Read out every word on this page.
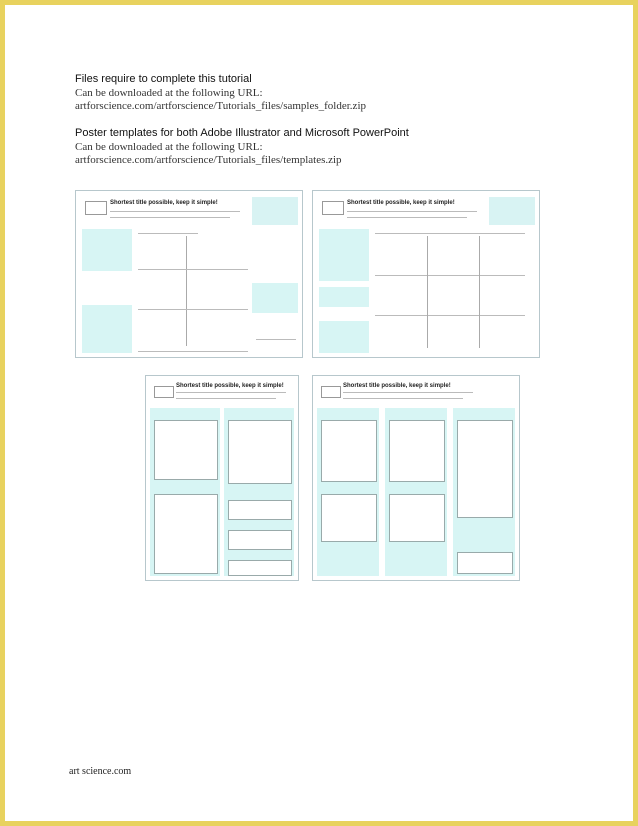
Files require to complete this tutorial
Can be downloaded at the following URL:
artforscience.com/artforscience/Tutorials_files/samples_folder.zip
Poster templates for both Adobe Illustrator and Microsoft PowerPoint
Can be downloaded at the following URL:
artforscience.com/artforscience/Tutorials_files/templates.zip
Shortest title possible, keep it simple!	Shortest title possible, keep it simple!
Shortest title possible, keep it simple!	Shortest title possible, keep it simple!
art science.com
